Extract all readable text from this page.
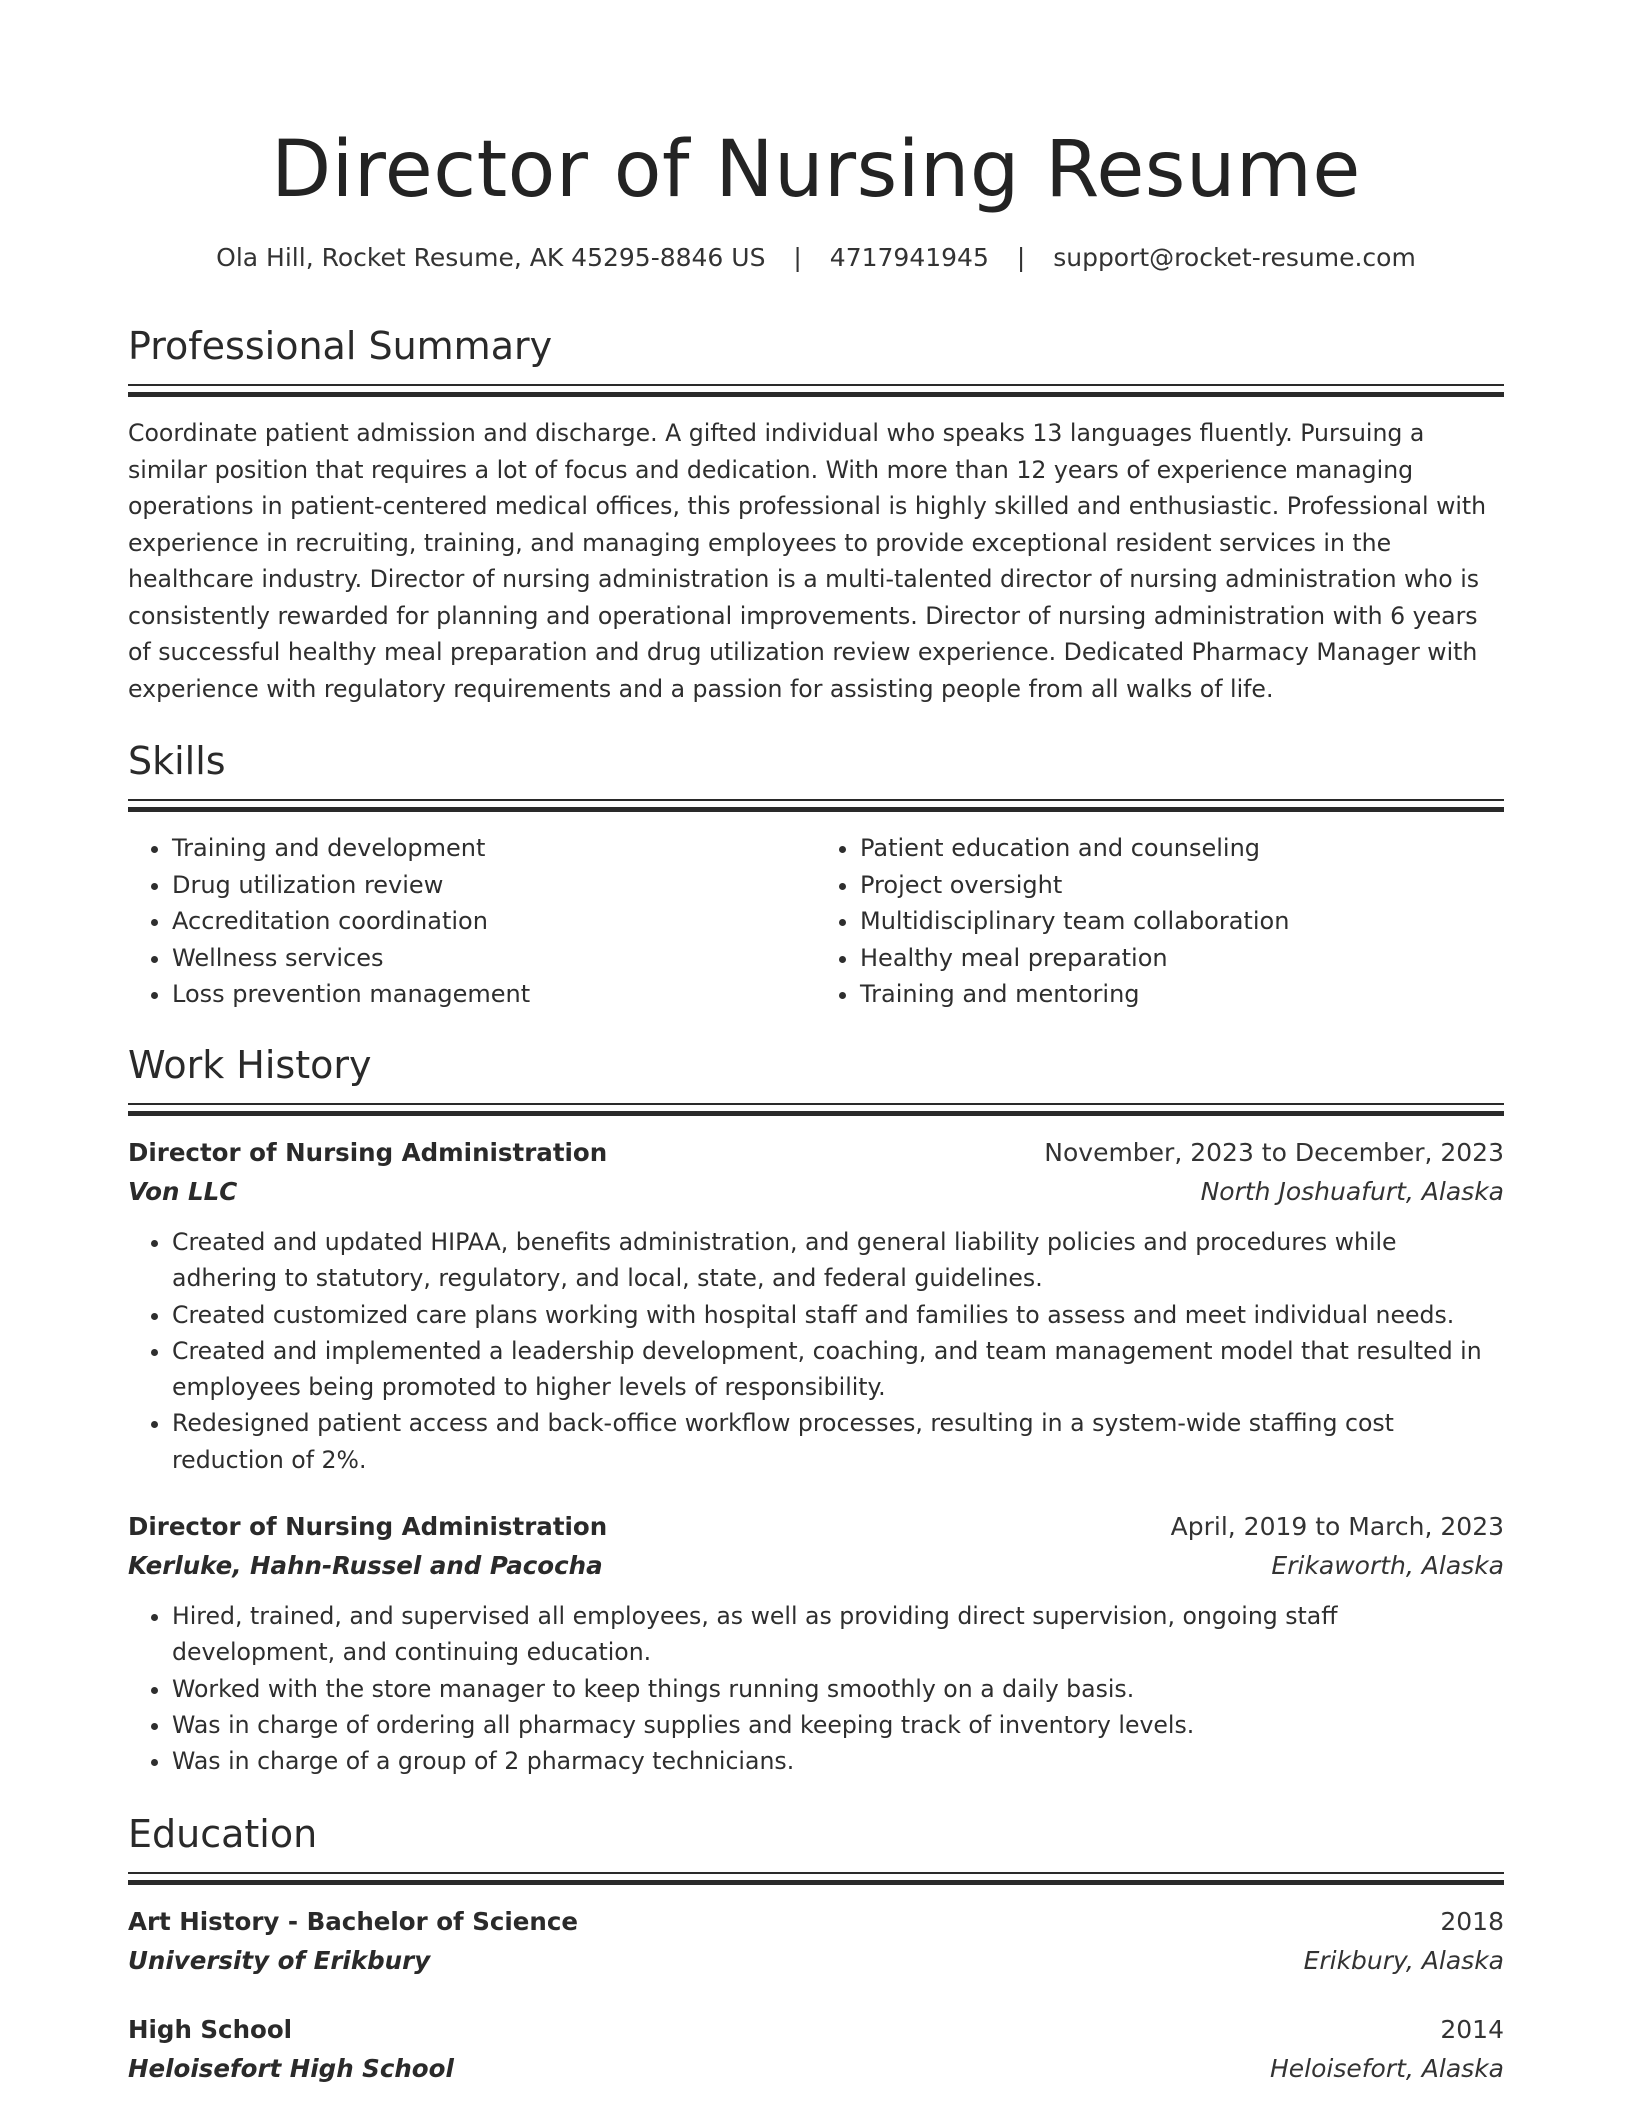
Director of Nursing Resume
Ola Hill, Rocket Resume, AK 45295-8846 US | 4717941945 | support@rocket-resume.com
Professional Summary

Coordinate patient admission and discharge. A gifted individual who speaks 13 languages fluently. Pursuing a similar position that requires a lot of focus and dedication. With more than 12 years of experience managing operations in patient-centered medical offices, this professional is highly skilled and enthusiastic. Professional with experience in recruiting, training, and managing employees to provide exceptional resident services in the healthcare industry. Director of nursing administration is a multi-talented director of nursing administration who is consistently rewarded for planning and operational improvements. Director of nursing administration with 6 years of successful healthy meal preparation and drug utilization review experience. Dedicated Pharmacy Manager with experience with regulatory requirements and a passion for assisting people from all walks of life.

Skills
• Training and development
• Drug utilization review
• Accreditation coordination
• Wellness services
• Loss prevention management
• Patient education and counseling
• Project oversight
• Multidisciplinary team collaboration
• Healthy meal preparation
• Training and mentoring
Work History
Director of Nursing Administration	November, 2023 to December, 2023
Von LLC	North Joshuafurt, Alaska
• Created and updated HIPAA, benefits administration, and general liability policies and procedures while adhering to statutory, regulatory, and local, state, and federal guidelines.
• Created customized care plans working with hospital staff and families to assess and meet individual needs.
• Created and implemented a leadership development, coaching, and team management model that resulted in employees being promoted to higher levels of responsibility.
• Redesigned patient access and back-office workflow processes, resulting in a system-wide staffing cost reduction of 2%.
Director of Nursing Administration	April, 2019 to March, 2023
Kerluke, Hahn-Russel and Pacocha	Erikaworth, Alaska
• Hired, trained, and supervised all employees, as well as providing direct supervision, ongoing staff development, and continuing education.
• Worked with the store manager to keep things running smoothly on a daily basis.
• Was in charge of ordering all pharmacy supplies and keeping track of inventory levels.
• Was in charge of a group of 2 pharmacy technicians.
Education
Art History - Bachelor of Science	2018
University of Erikbury	Erikbury, Alaska
High School	2014
Heloisefort High School	Heloisefort, Alaska
